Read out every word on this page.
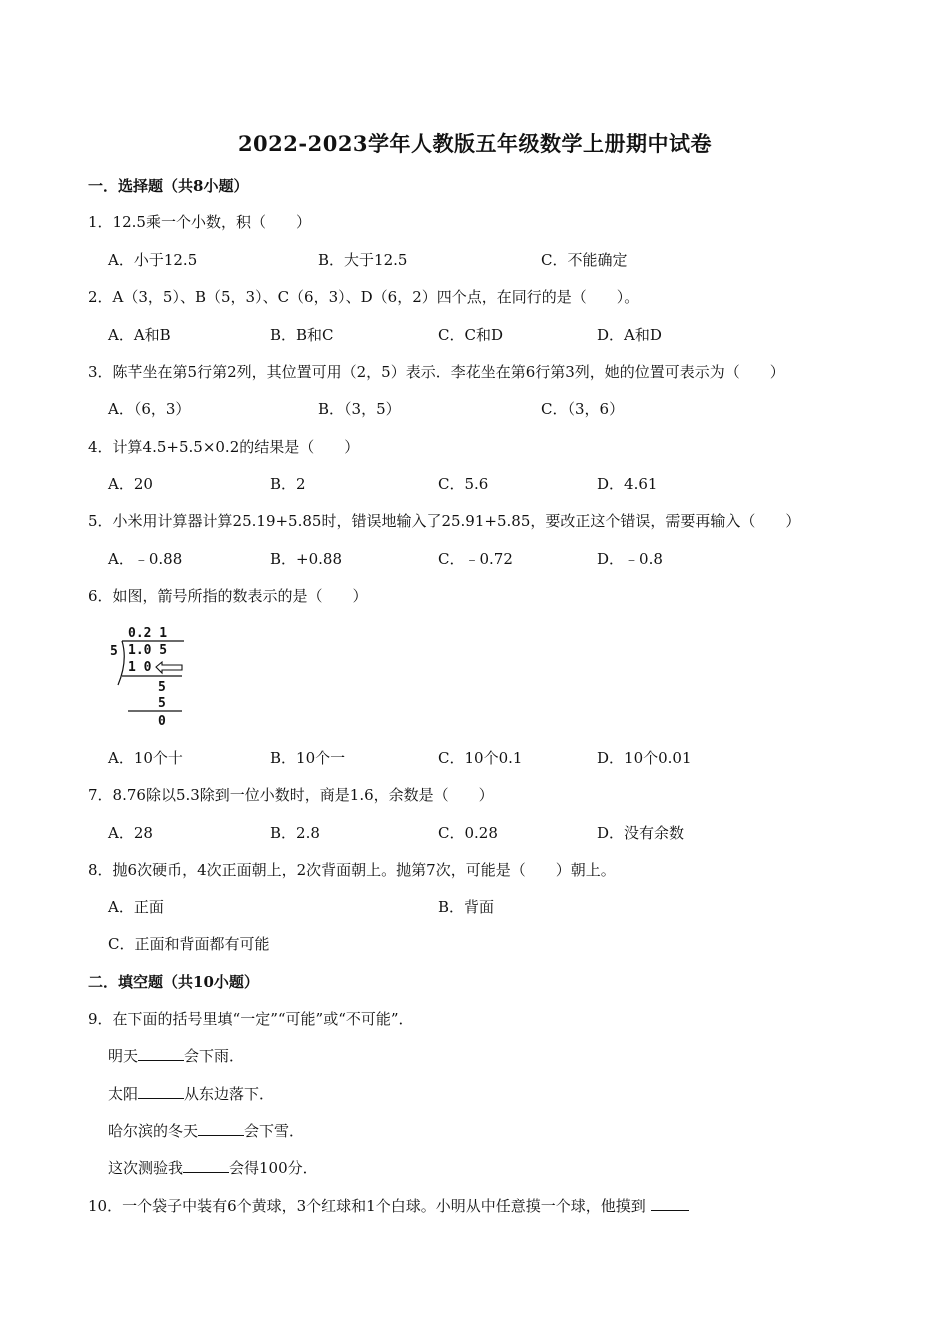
2022-2023学年人教版五年级数学上册期中试卷
一．选择题（共8小题）
1．12.5乘一个小数，积（　　）
A．小于12.5	B．大于12.5	C．不能确定
2．A（3，5）、B（5，3）、C（6，3）、D（6，2）四个点，在同行的是（　　）。
A．A和B	B．B和C	C．C和D	D．A和D
3．陈芊坐在第5行第2列，其位置可用（2，5）表示．李花坐在第6行第3列，她的位置可表示为（　　）
A．（6，3）	B．（3，5）	C．（3，6）
4．计算4.5+5.5×0.2的结果是（　　）
A．20	B．2	C．5.6	D．4.61
5．小米用计算器计算25.19+5.85时，错误地输入了25.91+5.85，要改正这个错误，需要再输入（　　）
A．﹣0.88	B．+0.88	C．﹣0.72	D．﹣0.8
6．如图，箭号所指的数表示的是（　　）
0.2 1
5 1.0 5
1 0
5
5
0
A．10个十	B．10个一	C．10个0.1	D．10个0.01
7．8.76除以5.3除到一位小数时，商是1.6，余数是（　　）
A．28	B．2.8	C．0.28	D．没有余数
8．抛6次硬币，4次正面朝上，2次背面朝上。抛第7次，可能是（　　）朝上。
A．正面	B．背面
C．正面和背面都有可能
二．填空题（共10小题）
9．在下面的括号里填“一定”“可能”或“不可能”．
明天	会下雨．
太阳	从东边落下．
哈尔滨的冬天	会下雪．
这次测验我	会得100分．
10．一个袋子中装有6个黄球，3个红球和1个白球。小明从中任意摸一个球，他摸到
